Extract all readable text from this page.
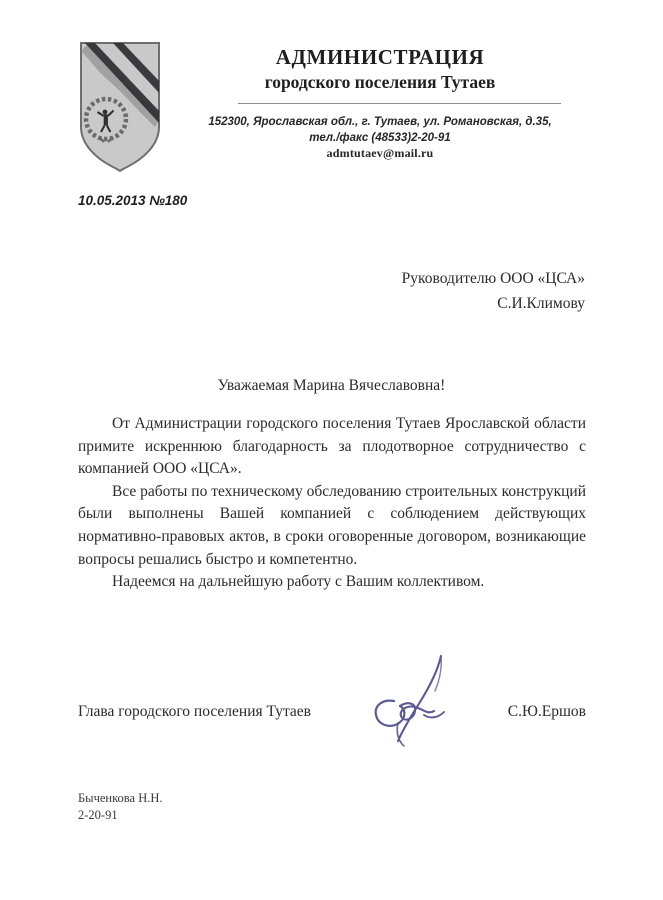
АДМИНИСТРАЦИЯ
городского поселения Тутаев
152300, Ярославская обл., г. Тутаев, ул. Романовская, д.35,
тел./факс (48533)2-20-91
admtutaev@mail.ru
10.05.2013 №180
Руководителю ООО «ЦСА»
С.И.Климову
Уважаемая Марина Вячеславовна!

От Администрации городского поселения Тутаев Ярославской области примите искреннюю благодарность за плодотворное сотрудничество с компанией ООО «ЦСА».

Все работы по техническому обследованию строительных конструкций были выполнены Вашей компанией с соблюдением действующих нормативно-правовых актов, в сроки оговоренные договором, возникающие вопросы решались быстро и компетентно.

Надеемся на дальнейшую работу с Вашим коллективом.

Глава городского поселения Тутаев	С.Ю.Ершов
Быченкова Н.Н.
2-20-91
